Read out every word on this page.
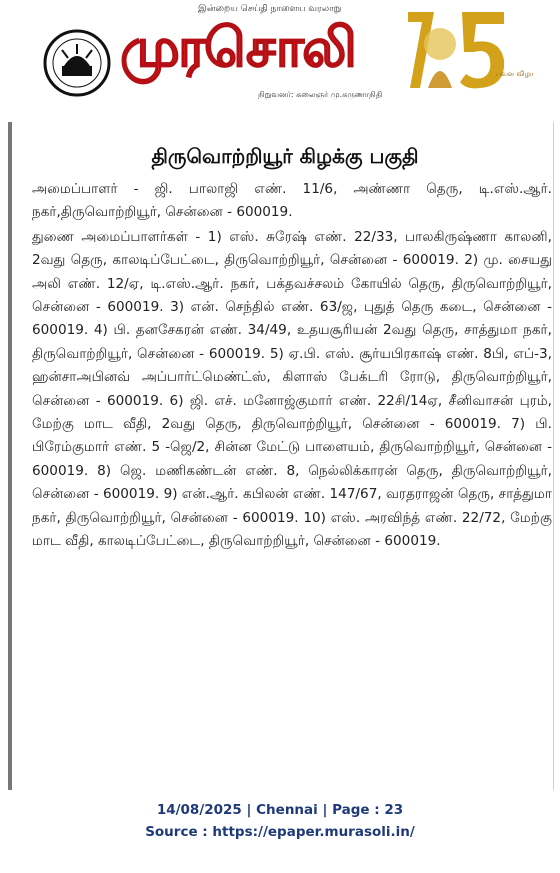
இன்றைய செய்தி நாளைய வரலாறு
முரசொலி
நிறுவனர்: கலைஞர் மு.கருணாநிதி
பவள விழா
திருவொற்றியூர் கிழக்கு பகுதி

அமைப்பாளர் - ஜி. பாலாஜி எண். 11/6, அண்ணா தெரு, டி.எஸ்.ஆர். நகர்,திருவொற்றியூர், சென்னை - 600019.

துணை அமைப்பாளர்கள் - 1) எஸ். சுரேஷ் எண். 22/33, பாலகிருஷ்ணா காலனி, 2வது தெரு, காலடிப்பேட்டை, திருவொற்றியூர், சென்னை - 600019. 2) மு. சையது அலி எண். 12/ஏ, டி.எஸ்.ஆர். நகர், பக்தவச்சலம் கோயில் தெரு, திருவொற்றியூர், சென்னை - 600019. 3) என். செந்தில் எண். 63/ஜ, புதுத் தெரு கடை, சென்னை - 600019. 4) பி. தனசேகரன் எண். 34/49, உதயசூரியன் 2வது தெரு, சாத்துமா நகர், திருவொற்றியூர், சென்னை - 600019. 5) ஏ.பி. எஸ். சூர்யபிரகாஷ் எண். 8பி, எப்-3, ஹன்சாஅபினவ் அப்பார்ட்மெண்ட்ஸ், கிளாஸ் பேக்டரி ரோடு, திருவொற்றியூர், சென்னை - 600019. 6) ஜி. எச். மனோஜ்குமார் எண். 22சி/14ஏ, சீனிவாசன் புரம், மேற்கு மாட வீதி, 2வது தெரு, திருவொற்றியூர், சென்னை - 600019. 7) பி. பிரேம்குமார் எண். 5 -ஜெ/2, சின்ன மேட்டு பாளையம், திருவொற்றியூர், சென்னை - 600019. 8) ஜெ. மணிகண்டன் எண். 8, நெல்லிக்காரன் தெரு, திருவொற்றியூர், சென்னை - 600019. 9) என்.ஆர். கபிலன் எண். 147/67, வரதராஜன் தெரு, சாத்துமா நகர், திருவொற்றியூர், சென்னை - 600019. 10) எஸ். அரவிந்த் எண். 22/72, மேற்கு மாட வீதி, காலடிப்பேட்டை, திருவொற்றியூர், சென்னை - 600019.

14/08/2025 | Chennai | Page : 23
Source : https://epaper.murasoli.in/
